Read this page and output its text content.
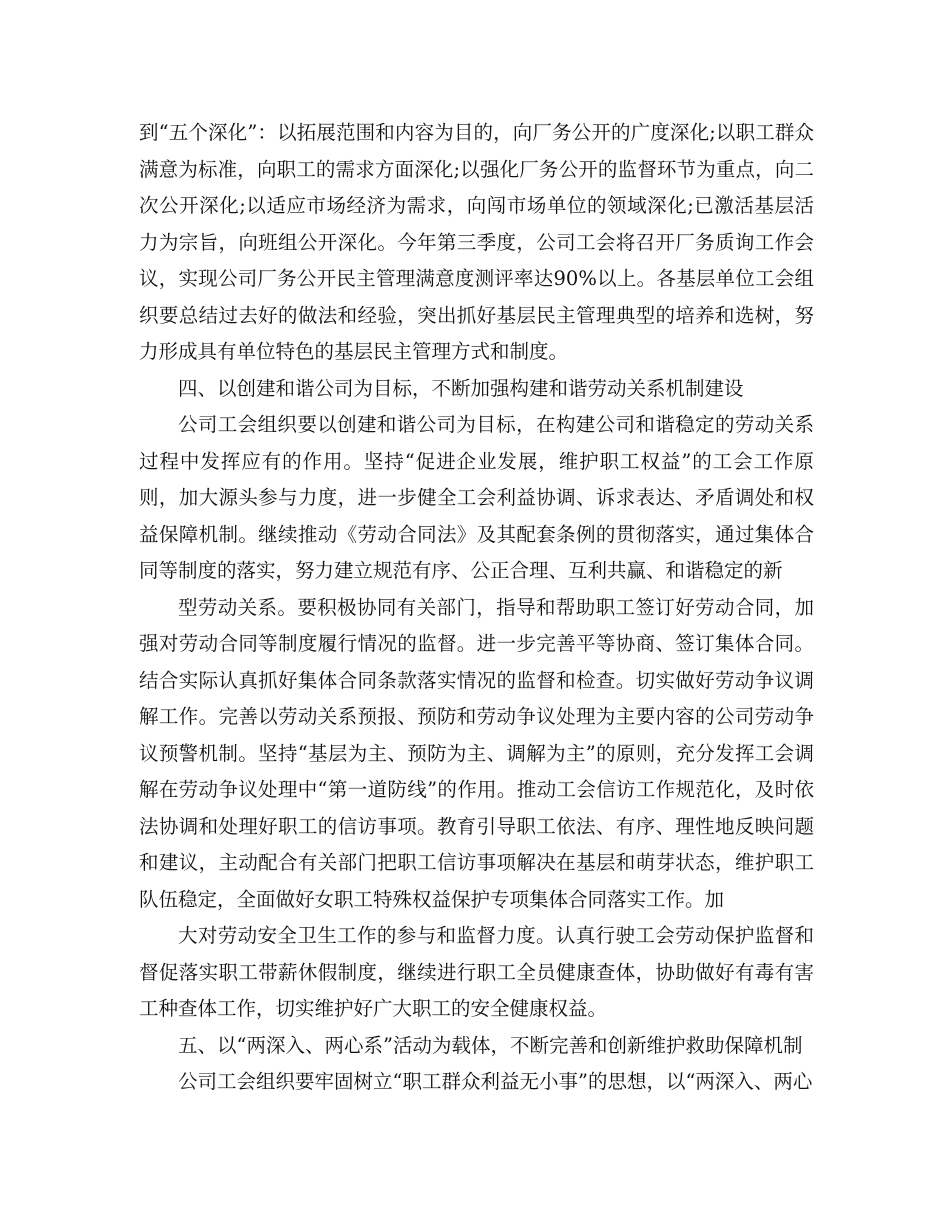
到“五个深化”：以拓展范围和内容为目的，向厂务公开的广度深化;以职工群众满意为标准，向职工的需求方面深化;以强化厂务公开的监督环节为重点，向二次公开深化;以适应市场经济为需求，向闯市场单位的领域深化;已激活基层活力为宗旨，向班组公开深化。今年第三季度，公司工会将召开厂务质询工作会议，实现公司厂务公开民主管理满意度测评率达90%以上。各基层单位工会组织要总结过去好的做法和经验，突出抓好基层民主管理典型的培养和选树，努力形成具有单位特色的基层民主管理方式和制度。

四、以创建和谐公司为目标，不断加强构建和谐劳动关系机制建设

公司工会组织要以创建和谐公司为目标，在构建公司和谐稳定的劳动关系过程中发挥应有的作用。坚持“促进企业发展，维护职工权益”的工会工作原则，加大源头参与力度，进一步健全工会利益协调、诉求表达、矛盾调处和权益保障机制。继续推动《劳动合同法》及其配套条例的贯彻落实，通过集体合同等制度的落实，努力建立规范有序、公正合理、互利共赢、和谐稳定的新

型劳动关系。要积极协同有关部门，指导和帮助职工签订好劳动合同，加强对劳动合同等制度履行情况的监督。进一步完善平等协商、签订集体合同。结合实际认真抓好集体合同条款落实情况的监督和检查。切实做好劳动争议调解工作。完善以劳动关系预报、预防和劳动争议处理为主要内容的公司劳动争议预警机制。坚持“基层为主、预防为主、调解为主”的原则，充分发挥工会调解在劳动争议处理中“第一道防线”的作用。推动工会信访工作规范化，及时依法协调和处理好职工的信访事项。教育引导职工依法、有序、理性地反映问题和建议，主动配合有关部门把职工信访事项解决在基层和萌芽状态，维护职工队伍稳定，全面做好女职工特殊权益保护专项集体合同落实工作。加

大对劳动安全卫生工作的参与和监督力度。认真行驶工会劳动保护监督和督促落实职工带薪休假制度，继续进行职工全员健康查体，协助做好有毒有害工种查体工作，切实维护好广大职工的安全健康权益。

五、以“两深入、两心系”活动为载体，不断完善和创新维护救助保障机制

公司工会组织要牢固树立“职工群众利益无小事”的思想，以“两深入、两心
